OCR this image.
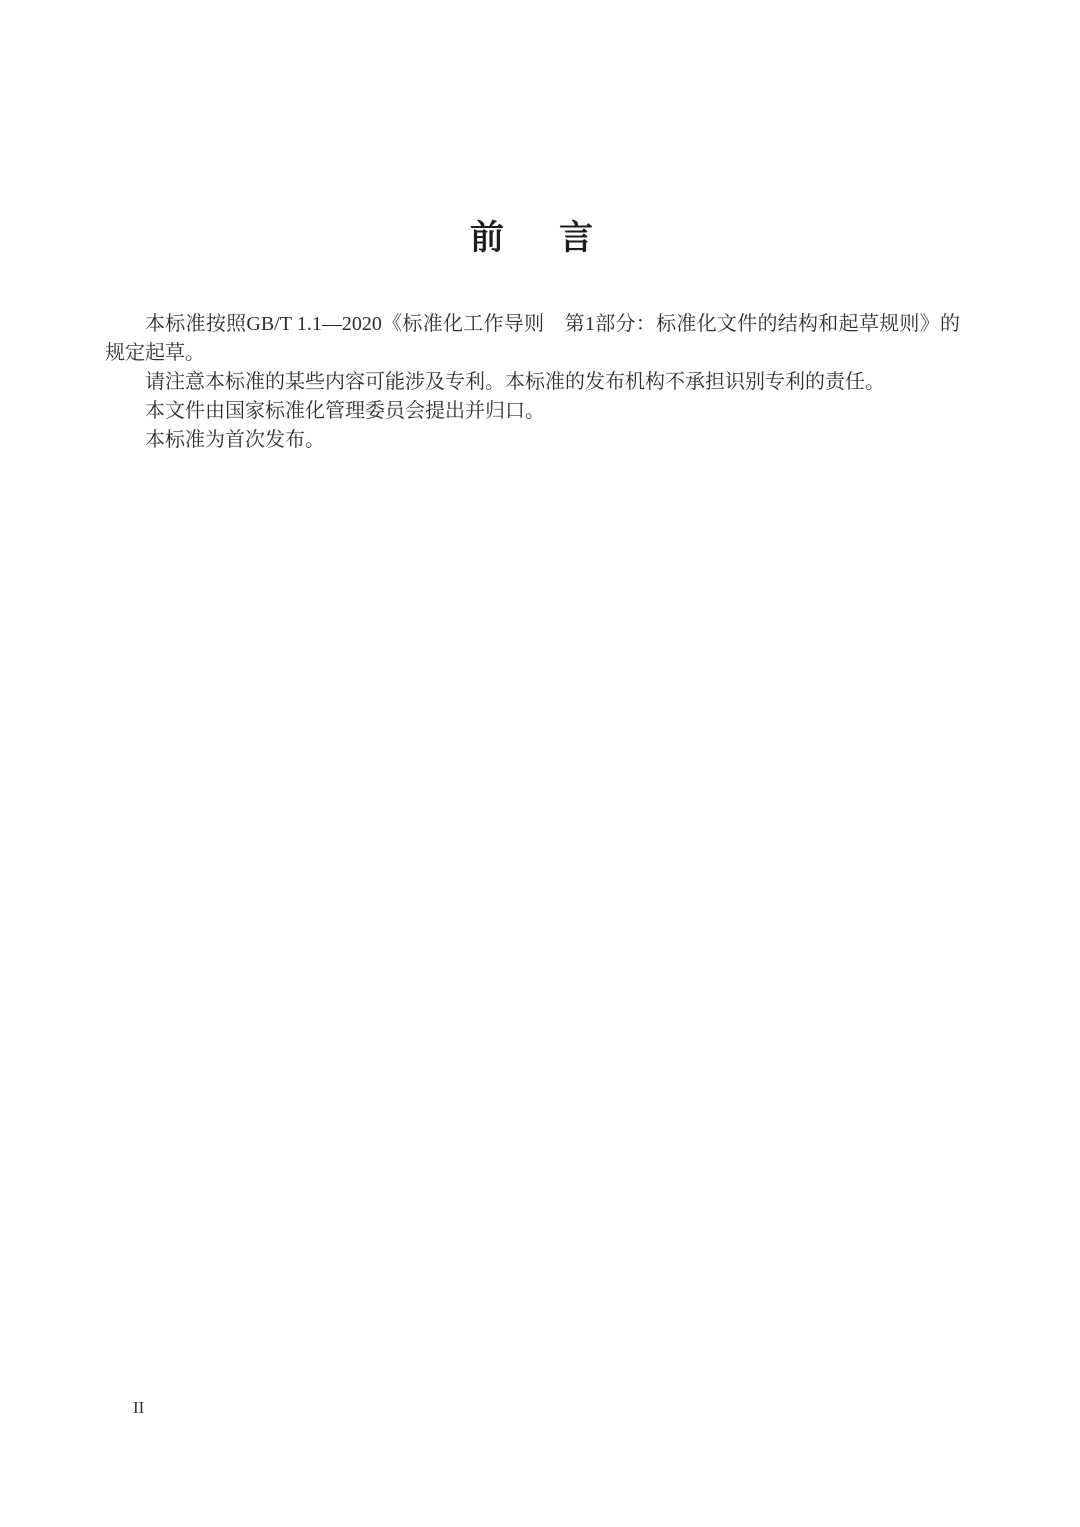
前言

本标准按照GB/T 1.1—2020《标准化工作导则　第1部分：标准化文件的结构和起草规则》的规定起草。

请注意本标准的某些内容可能涉及专利。本标准的发布机构不承担识别专利的责任。

本文件由国家标准化管理委员会提出并归口。

本标准为首次发布。

II
